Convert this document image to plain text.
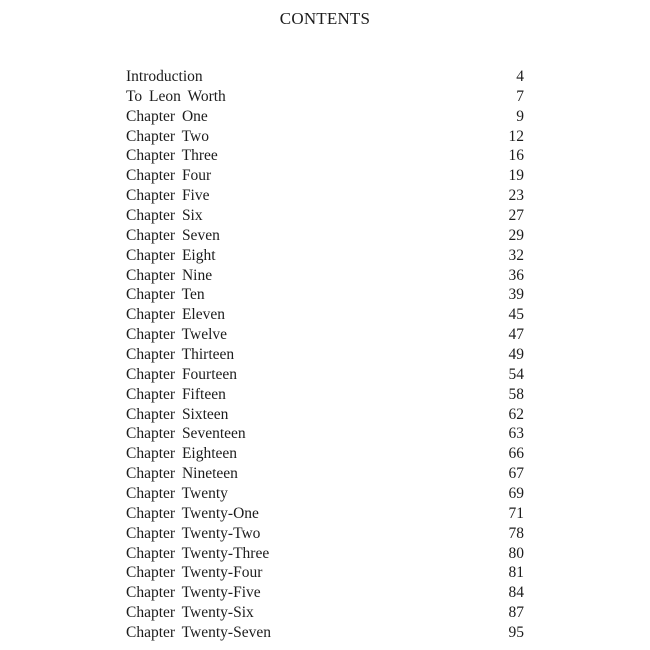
CONTENTS
Introduction	4
To Leon Worth	7
Chapter One	9
Chapter Two	12
Chapter Three	16
Chapter Four	19
Chapter Five	23
Chapter Six	27
Chapter Seven	29
Chapter Eight	32
Chapter Nine	36
Chapter Ten	39
Chapter Eleven	45
Chapter Twelve	47
Chapter Thirteen	49
Chapter Fourteen	54
Chapter Fifteen	58
Chapter Sixteen	62
Chapter Seventeen	63
Chapter Eighteen	66
Chapter Nineteen	67
Chapter Twenty	69
Chapter Twenty-One	71
Chapter Twenty-Two	78
Chapter Twenty-Three	80
Chapter Twenty-Four	81
Chapter Twenty-Five	84
Chapter Twenty-Six	87
Chapter Twenty-Seven	95
